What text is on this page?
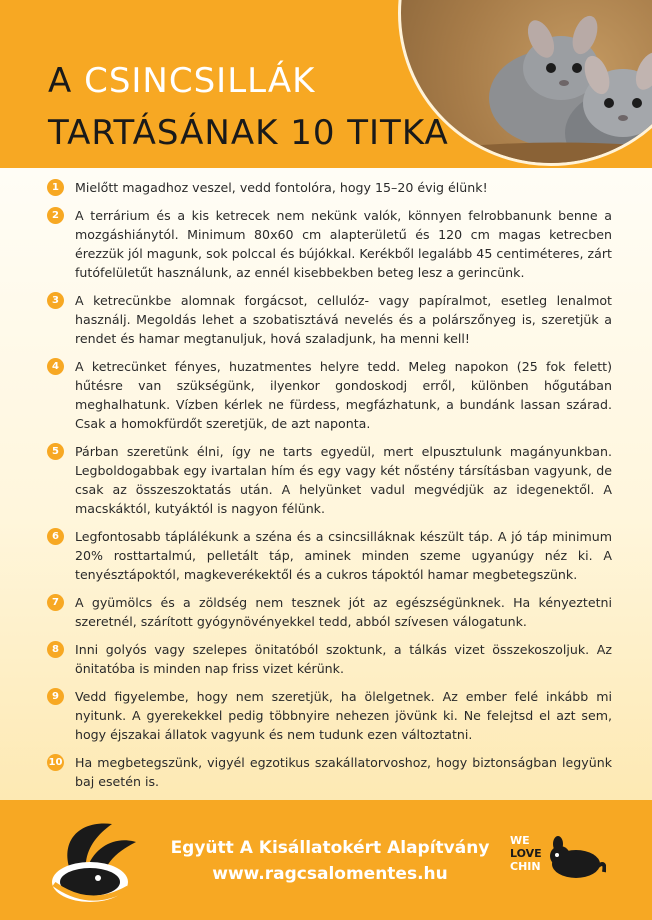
A CSINCSILLÁK
TARTÁSÁNAK 10 TITKA
1	Mielőtt magadhoz veszel, vedd fontolóra, hogy 15–20 évig élünk!
2	A terrárium és a kis ketrecek nem nekünk valók, könnyen felrobbanunk benne a mozgáshiánytól. Minimum 80x60 cm alapterületű és 120 cm magas ketrecben érezzük jól magunk, sok polccal és bújókkal. Kerékből legalább 45 centiméteres, zárt futófelületűt használunk, az ennél kisebbekben beteg lesz a gerincünk.
3	A ketrecünkbe alomnak forgácsot, cellulóz- vagy papíralmot, esetleg lenalmot használj. Megoldás lehet a szobatisztává nevelés és a polárszőnyeg is, szeretjük a rendet és hamar megtanuljuk, hová szaladjunk, ha menni kell!
4	A ketrecünket fényes, huzatmentes helyre tedd. Meleg napokon (25 fok felett) hűtésre van szükségünk, ilyenkor gondoskodj erről, különben hőgutában meghalhatunk. Vízben kérlek ne fürdess, megfázhatunk, a bundánk lassan szárad. Csak a homokfürdőt szeretjük, de azt naponta.
5	Párban szeretünk élni, így ne tarts egyedül, mert elpusztulunk magányunkban. Legboldogabbak egy ivartalan hím és egy vagy két nőstény társításban vagyunk, de csak az összeszoktatás után. A helyünket vadul megvédjük az idegenektől. A macskáktól, kutyáktól is nagyon félünk.
6	Legfontosabb táplálékunk a széna és a csincsilláknak készült táp. A jó táp minimum 20% rosttartalmú, pelletált táp, aminek minden szeme ugyanúgy néz ki. A tenyésztápoktól, magkeverékektől és a cukros tápoktól hamar megbetegszünk.
7	A gyümölcs és a zöldség nem tesznek jót az egészségünknek. Ha kényeztetni szeretnél, szárított gyógynövényekkel tedd, abból szívesen válogatunk.
8	Inni golyós vagy szelepes önitatóból szoktunk, a tálkás vizet összekoszoljuk. Az önitatóba is minden nap friss vizet kérünk.
9	Vedd figyelembe, hogy nem szeretjük, ha ölelgetnek. Az ember felé inkább mi nyitunk. A gyerekekkel pedig többnyire nehezen jövünk ki. Ne felejtsd el azt sem, hogy éjszakai állatok vagyunk és nem tudunk ezen változtatni.
10 Ha megbetegszünk, vigyél egzotikus szakállatorvoshoz, hogy biztonságban legyünk baj esetén is.
Együtt A Kisállatokért Alapítvány
www.ragcsalomentes.hu
WE
LOVE
CHIN
